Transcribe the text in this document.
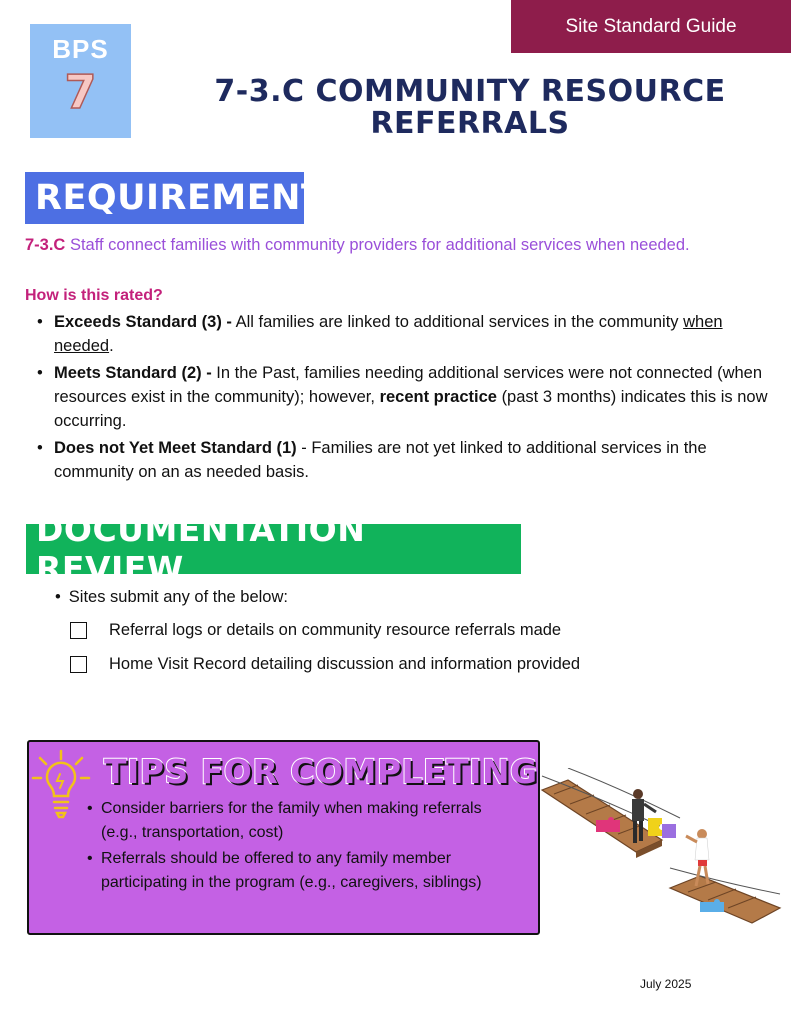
Site Standard Guide
BPS
7	7-3.C COMMUNITY RESOURCE
REFERRALS
REQUIREMENT
7-3.C Staff connect families with community providers for additional services when needed.
How is this rated?
• Exceeds Standard (3) - All families are linked to additional services in the community when needed.
• Meets Standard (2) - In the Past, families needing additional services were not connected (when resources exist in the community); however, recent practice (past 3 months) indicates this is now occurring.
• Does not Yet Meet Standard (1) - Families are not yet linked to additional services in the community on an as needed basis.
DOCUMENTATION REVIEW
• Sites submit any of the below:
Referral logs or details on community resource referrals made
Home Visit Record detailing discussion and information provided
TIPS FOR COMPLETING
• Consider barriers for the family when making referrals (e.g., transportation, cost)
• Referrals should be offered to any family member participating in the program (e.g., caregivers, siblings)
July 2025
